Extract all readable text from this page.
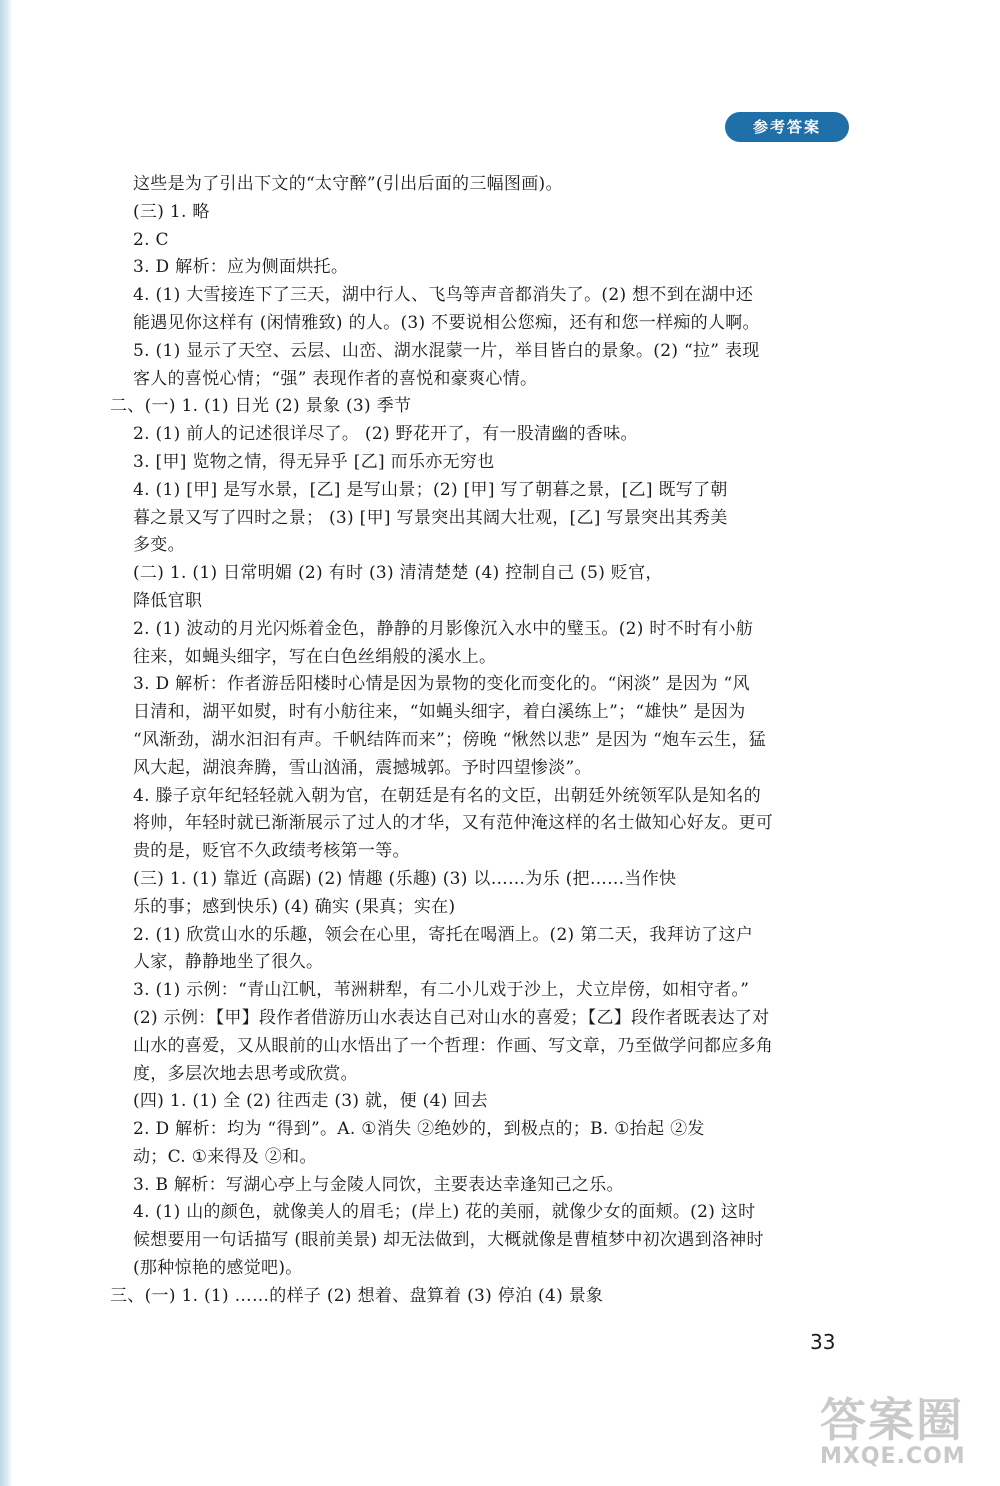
参考答案
这些是为了引出下文的“太守醉”(引出后面的三幅图画)。
(三) 1. 略
2. C
3. D 解析：应为侧面烘托。
4. (1) 大雪接连下了三天，湖中行人、飞鸟等声音都消失了。(2) 想不到在湖中还
能遇见你这样有 (闲情雅致) 的人。(3) 不要说相公您痴，还有和您一样痴的人啊。
5. (1) 显示了天空、云层、山峦、湖水混蒙一片，举目皆白的景象。(2) “拉” 表现
客人的喜悦心情；“强” 表现作者的喜悦和豪爽心情。
二、(一) 1. (1) 日光 (2) 景象 (3) 季节
2. (1) 前人的记述很详尽了。 (2) 野花开了，有一股清幽的香味。
3. [甲] 览物之情，得无异乎 [乙] 而乐亦无穷也
4. (1) [甲] 是写水景，[乙] 是写山景；(2) [甲] 写了朝暮之景，[乙] 既写了朝
暮之景又写了四时之景； (3) [甲] 写景突出其阔大壮观，[乙] 写景突出其秀美
多变。
(二) 1. (1) 日常明媚 (2) 有时 (3) 清清楚楚 (4) 控制自己 (5) 贬官，
降低官职
2. (1) 波动的月光闪烁着金色，静静的月影像沉入水中的璧玉。(2) 时不时有小舫
往来，如蝇头细字，写在白色丝绢般的溪水上。
3. D 解析：作者游岳阳楼时心情是因为景物的变化而变化的。“闲淡” 是因为 “风
日清和，湖平如熨，时有小舫往来，“如蝇头细字，着白溪练上”；“雄快” 是因为
“风渐劲，湖水汩汩有声。千帆结阵而来”；傍晚 “愀然以悲” 是因为 “炮车云生，猛
风大起，湖浪奔腾，雪山汹涌，震撼城郭。予时四望惨淡”。
4. 滕子京年纪轻轻就入朝为官，在朝廷是有名的文臣，出朝廷外统领军队是知名的
将帅，年轻时就已渐渐展示了过人的才华，又有范仲淹这样的名士做知心好友。更可
贵的是，贬官不久政绩考核第一等。
(三) 1. (1) 靠近 (高踞) (2) 情趣 (乐趣) (3) 以……为乐 (把……当作快
乐的事；感到快乐) (4) 确实 (果真；实在)
2. (1) 欣赏山水的乐趣，领会在心里，寄托在喝酒上。(2) 第二天，我拜访了这户
人家，静静地坐了很久。
3. (1) 示例：“青山江帆，苇洲耕犁，有二小儿戏于沙上，犬立岸傍，如相守者。”
(2) 示例：【甲】段作者借游历山水表达自己对山水的喜爱；【乙】段作者既表达了对
山水的喜爱，又从眼前的山水悟出了一个哲理：作画、写文章，乃至做学问都应多角
度，多层次地去思考或欣赏。
(四) 1. (1) 全 (2) 往西走 (3) 就，便 (4) 回去
2. D 解析：均为 “得到”。A. ①消失 ②绝妙的，到极点的；B. ①抬起 ②发
动；C. ①来得及 ②和。
3. B 解析：写湖心亭上与金陵人同饮，主要表达幸逢知己之乐。
4. (1) 山的颜色，就像美人的眉毛；(岸上) 花的美丽，就像少女的面颊。(2) 这时
候想要用一句话描写 (眼前美景) 却无法做到，大概就像是曹植梦中初次遇到洛神时
(那种惊艳的感觉吧)。
三、(一) 1. (1) ……的样子 (2) 想着、盘算着 (3) 停泊 (4) 景象
33
答案圈
MXQE.COM
